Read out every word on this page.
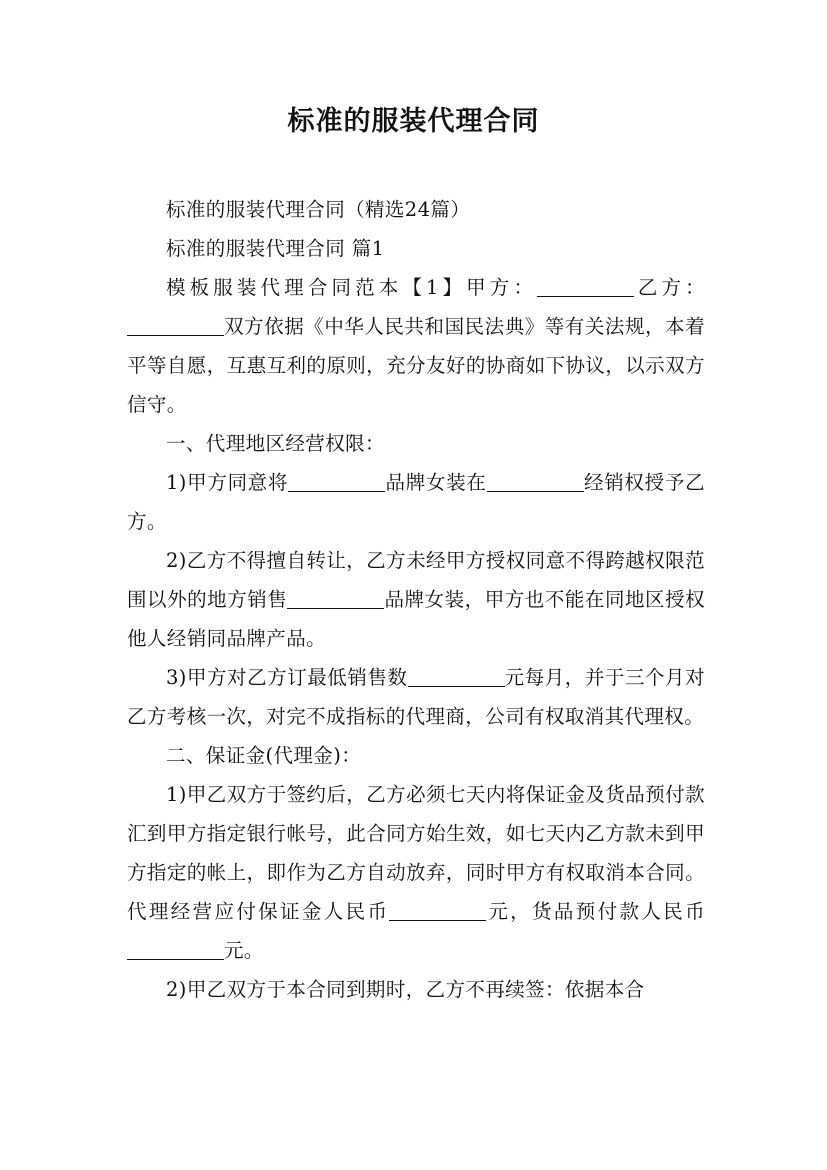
标准的服装代理合同

标准的服装代理合同（精选24篇）

标准的服装代理合同 篇1

模板服装代理合同范本【1】甲方：	乙方：双方依据《中华人民共和国民法典》等有关法规，本着平等自愿，互惠互利的原则，充分友好的协商如下协议，以示双方信守。

一、代理地区经营权限：

1)甲方同意将	品牌女装在	经销权授予乙方。

2)乙方不得擅自转让，乙方未经甲方授权同意不得跨越权限范围以外的地方销售	品牌女装，甲方也不能在同地区授权他人经销同品牌产品。

3)甲方对乙方订最低销售数	元每月，并于三个月对乙方考核一次，对完不成指标的代理商，公司有权取消其代理权。

二、保证金(代理金)：

1)甲乙双方于签约后，乙方必须七天内将保证金及货品预付款汇到甲方指定银行帐号，此合同方始生效，如七天内乙方款未到甲方指定的帐上，即作为乙方自动放弃，同时甲方有权取消本合同。代理经营应付保证金人民币	元，货品预付款人民币元。

2)甲乙双方于本合同到期时，乙方不再续签：依据本合
